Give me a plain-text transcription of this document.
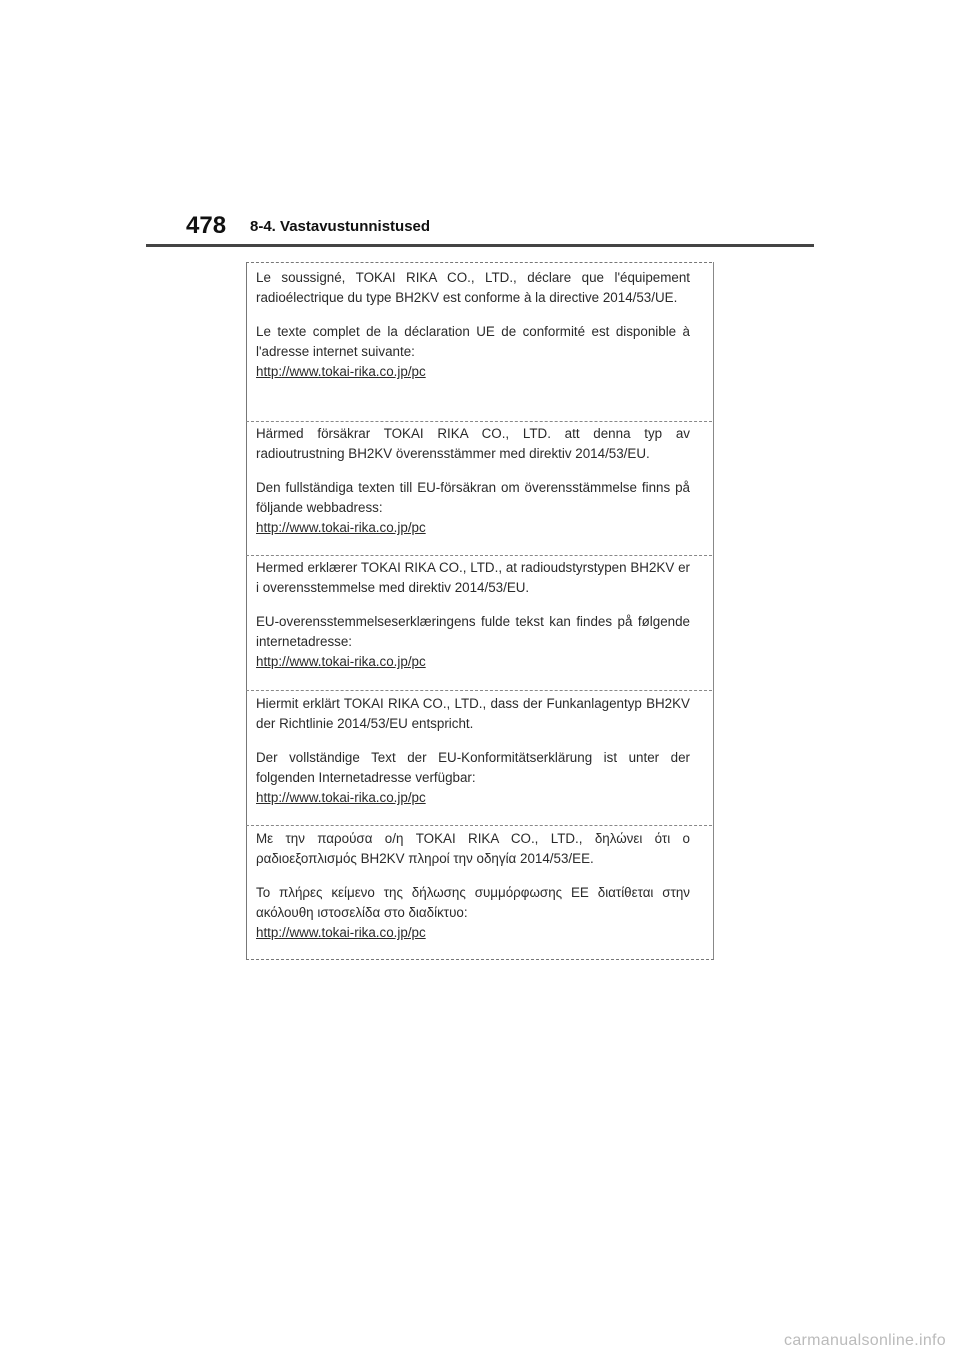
478 8-4. Vastavustunnistused

Le soussigné, TOKAI RIKA CO., LTD., déclare que l'équipement radioélectrique du type BH2KV est conforme à la directive 2014/53/UE.

Le texte complet de la déclaration UE de conformité est disponible à l'adresse internet suivante:
http://www.tokai-rika.co.jp/pc

Härmed försäkrar TOKAI RIKA CO., LTD. att denna typ av radioutrustning BH2KV överensstämmer med direktiv 2014/53/EU.

Den fullständiga texten till EU-försäkran om överensstämmelse finns på följande webbadress:
http://www.tokai-rika.co.jp/pc

Hermed erklærer TOKAI RIKA CO., LTD., at radioudstyrstypen BH2KV er i overensstemmelse med direktiv 2014/53/EU.

EU-overensstemmelseserklæringens fulde tekst kan findes på følgende internetadresse:
http://www.tokai-rika.co.jp/pc

Hiermit erklärt TOKAI RIKA CO., LTD., dass der Funkanlagentyp BH2KV der Richtlinie 2014/53/EU entspricht.

Der vollständige Text der EU-Konformitätserklärung ist unter der folgenden Internetadresse verfügbar:
http://www.tokai-rika.co.jp/pc

Με την παρούσα ο/η TOKAI RIKA CO., LTD., δηλώνει ότι ο ραδιοεξοπλισμός BH2KV πληροί την οδηγία 2014/53/ΕΕ.

Το πλήρες κείμενο της δήλωσης συμμόρφωσης ΕΕ διατίθεται στην ακόλουθη ιστοσελίδα στο διαδίκτυο:
http://www.tokai-rika.co.jp/pc

carmanualsonline.info
